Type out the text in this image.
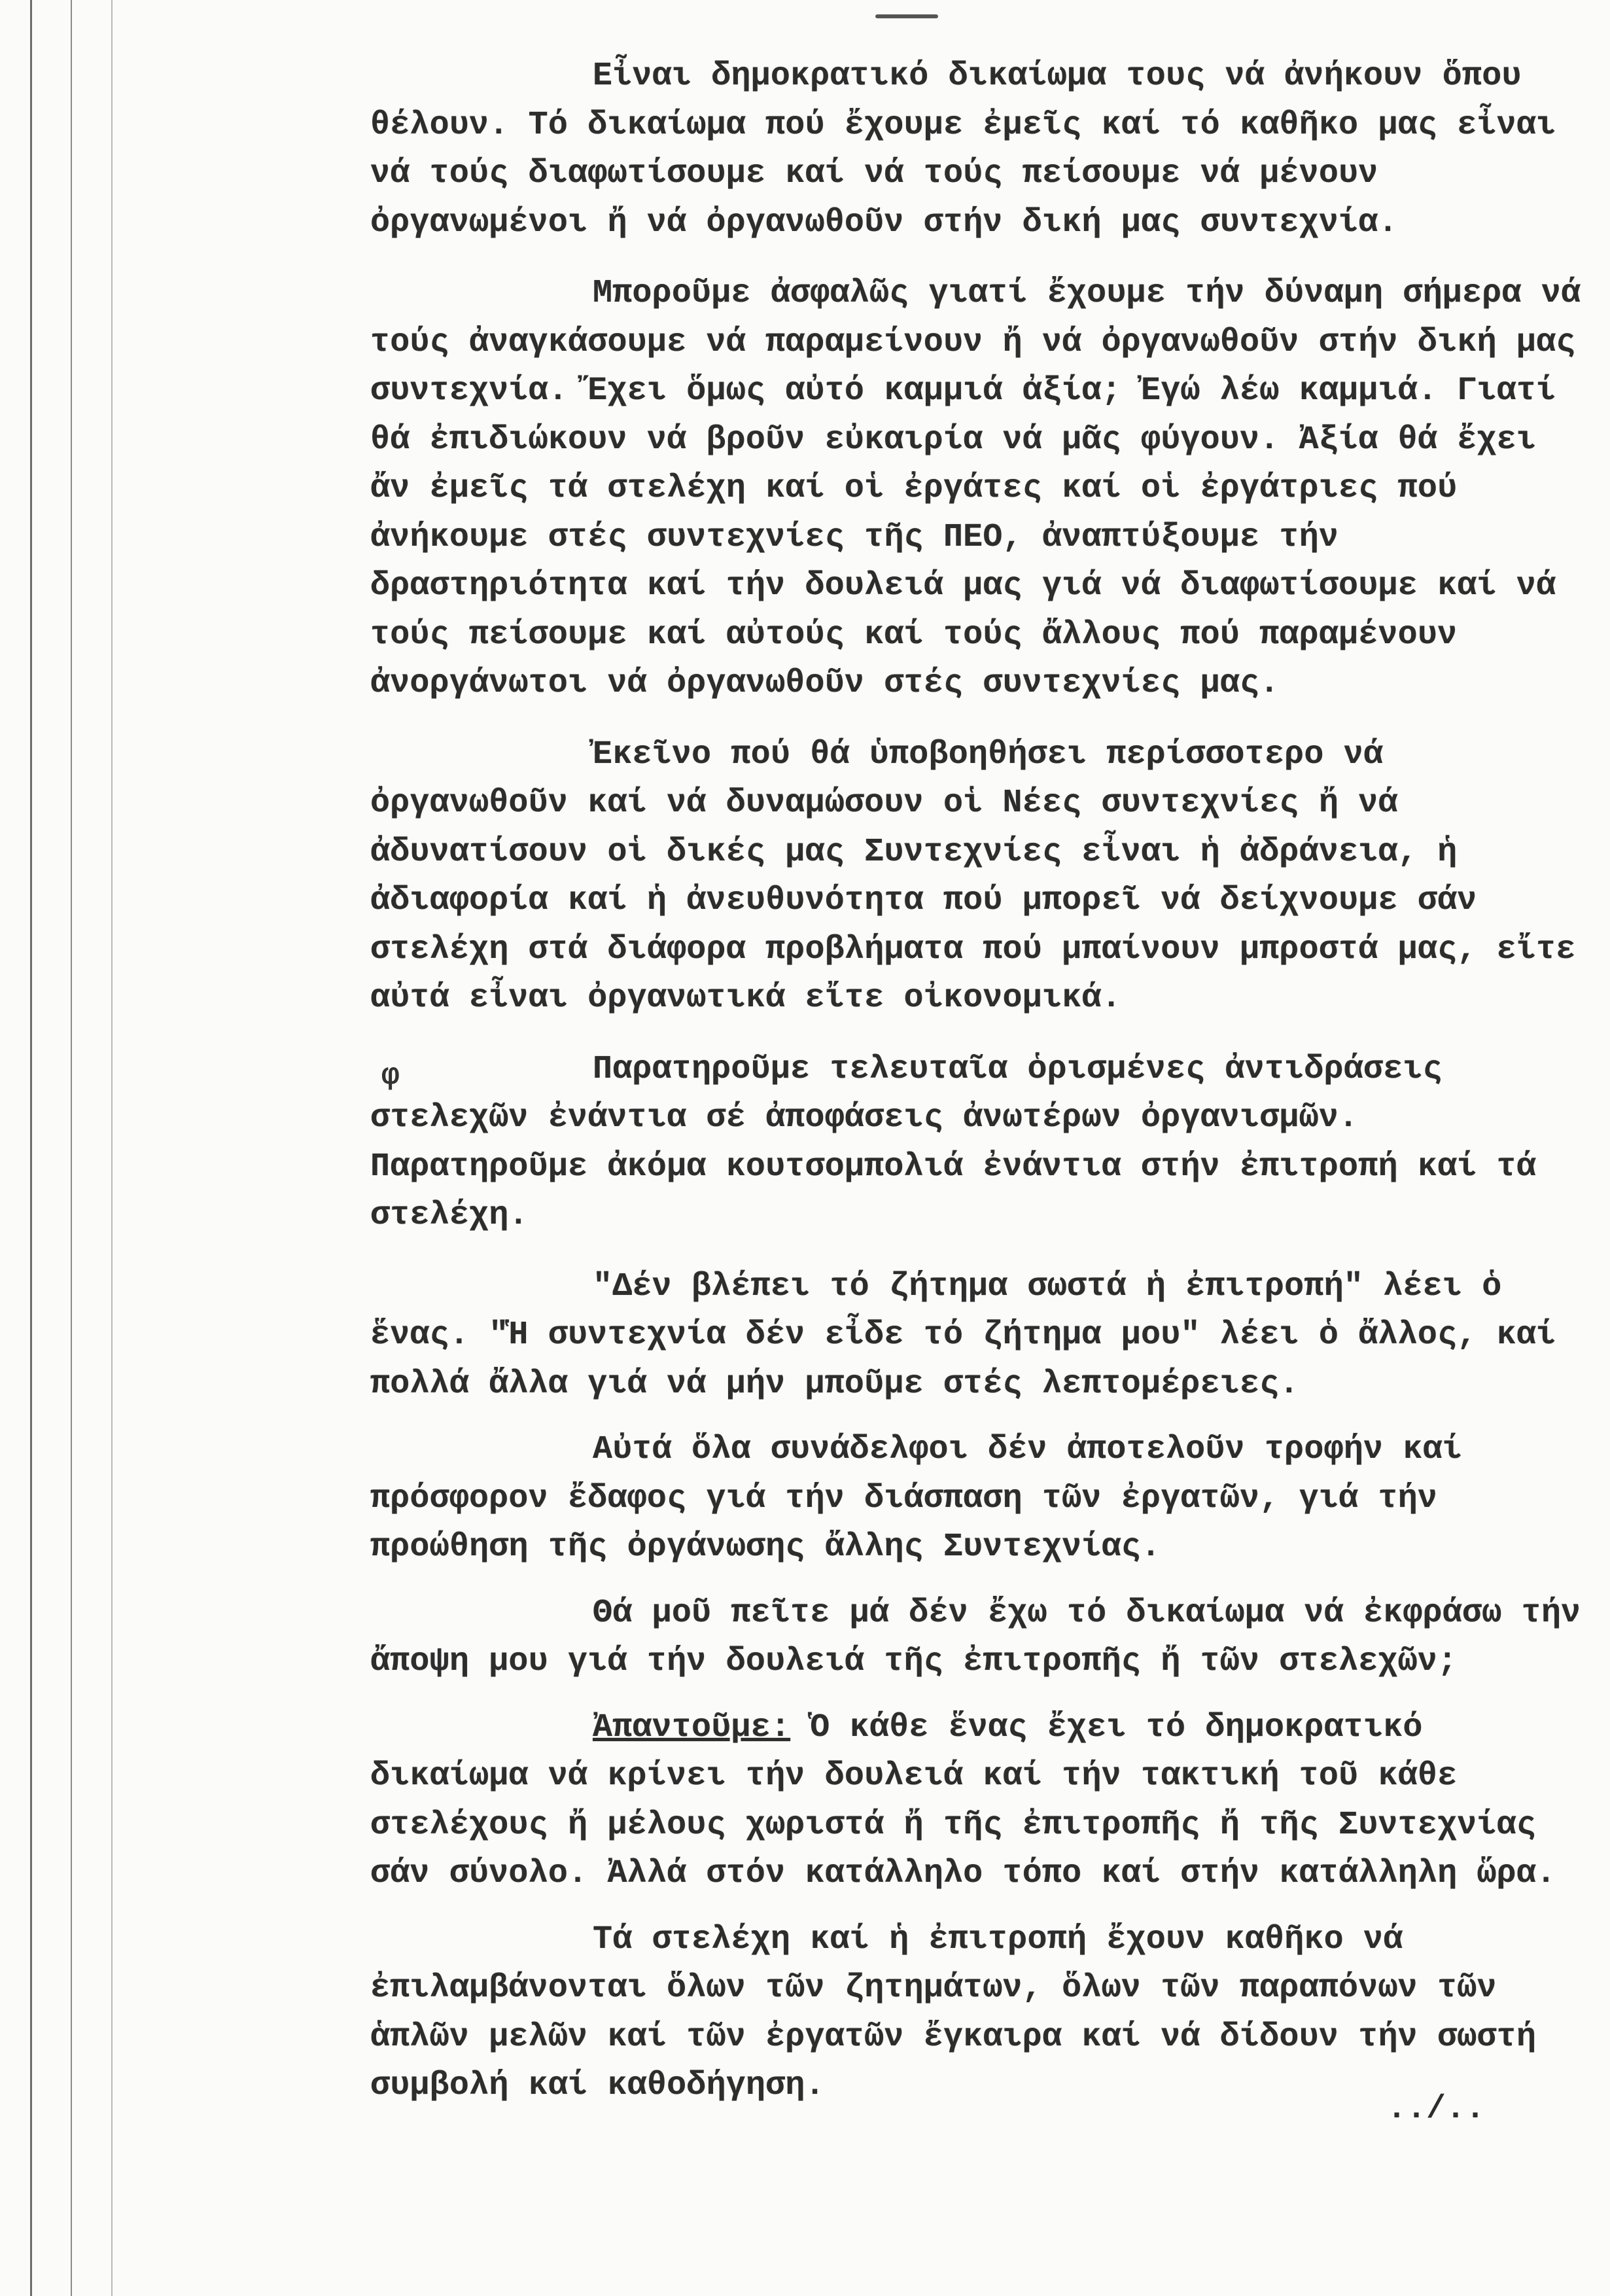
φ

Εἶναι δημοκρατικό δικαίωμα τους νά ἀνήκουν ὅπου θέλουν. Τό δικαίωμα πού ἔχουμε ἐμεῖς καί τό καθῆκο μας εἶναι νά τούς διαφωτίσουμε καί νά τούς πείσουμε νά μένουν ὀργανωμένοι ἤ νά ὀργανωθοῦν στήν δική μας συντεχνία.

Μποροῦμε ἀσφαλῶς γιατί ἔχουμε τήν δύναμη σήμερα νά τούς ἀναγκάσουμε νά παραμείνουν ἤ νά ὀργανωθοῦν στήν δική μας συντεχνία. Ἔχει ὅμως αὐτό καμμιά ἀξία; Ἐγώ λέω καμμιά. Γιατί θά ἐπιδιώκουν νά βροῦν εὐκαιρία νά μᾶς φύγουν. Ἀξία θά ἔχει ἄν ἐμεῖς τά στελέχη καί οἱ ἐργάτες καί οἱ ἐργάτριες πού ἀνήκουμε στές συντεχνίες τῆς ΠΕΟ, ἀναπτύξουμε τήν δραστηριότητα καί τήν δουλειά μας γιά νά διαφωτίσουμε καί νά τούς πείσουμε καί αὐτούς καί τούς ἄλλους πού παραμένουν ἀνοργάνωτοι νά ὀργανωθοῦν στές συντεχνίες μας.

Ἐκεῖνο πού θά ὑποβοηθήσει περίσσοτερο νά ὀργανωθοῦν καί νά δυναμώσουν οἱ Νέες συντεχνίες ἤ νά ἀδυνατίσουν οἱ δικές μας Συντεχνίες εἶναι ἡ ἀδράνεια, ἡ ἀδιαφορία καί ἡ ἀνευθυνότητα πού μπορεῖ νά δείχνουμε σάν στελέχη στά διάφορα προβλήματα πού μπαίνουν μπροστά μας, εἴτε αὐτά εἶναι ὀργανωτικά εἴτε οἰκονομικά.

Παρατηροῦμε τελευταῖα ὁρισμένες ἀντιδράσεις στελεχῶν ἐνάντια σέ ἀποφάσεις ἀνωτέρων ὀργανισμῶν. Παρατηροῦμε ἀκόμα κουτσομπολιά ἐνάντια στήν ἐπιτροπή καί τά στελέχη.

"Δέν βλέπει τό ζήτημα σωστά ἡ ἐπιτροπή" λέει ὁ ἕνας. "Ἡ συντεχνία δέν εἶδε τό ζήτημα μου" λέει ὁ ἄλλος, καί πολλά ἄλλα γιά νά μήν μποῦμε στές λεπτομέρειες.

Αὐτά ὅλα συνάδελφοι δέν ἀποτελοῦν τροφήν καί πρόσφορον ἔδαφος γιά τήν διάσπαση τῶν ἐργατῶν, γιά τήν προώθηση τῆς ὀργάνωσης ἄλλης Συντεχνίας.

Θά μοῦ πεῖτε μά δέν ἔχω τό δικαίωμα νά ἐκφράσω τήν ἄποψη μου γιά τήν δουλειά τῆς ἐπιτροπῆς ἤ τῶν στελεχῶν;

Ἀπαντοῦμε: Ὁ κάθε ἕνας ἔχει τό δημοκρατικό δικαίωμα νά κρίνει τήν δουλειά καί τήν τακτική τοῦ κάθε στελέχους ἤ μέλους χωριστά ἤ τῆς ἐπιτροπῆς ἤ τῆς Συντεχνίας σάν σύνολο. Ἀλλά στόν κατάλληλο τόπο καί στήν κατάλληλη ὥρα.

Τά στελέχη καί ἡ ἐπιτροπή ἔχουν καθῆκο νά ἐπιλαμβάνονται ὅλων τῶν ζητημάτων, ὅλων τῶν παραπόνων τῶν ἁπλῶν μελῶν καί τῶν ἐργατῶν ἔγκαιρα καί νά δίδουν τήν σωστή συμβολή καί καθοδήγηση.

../..
